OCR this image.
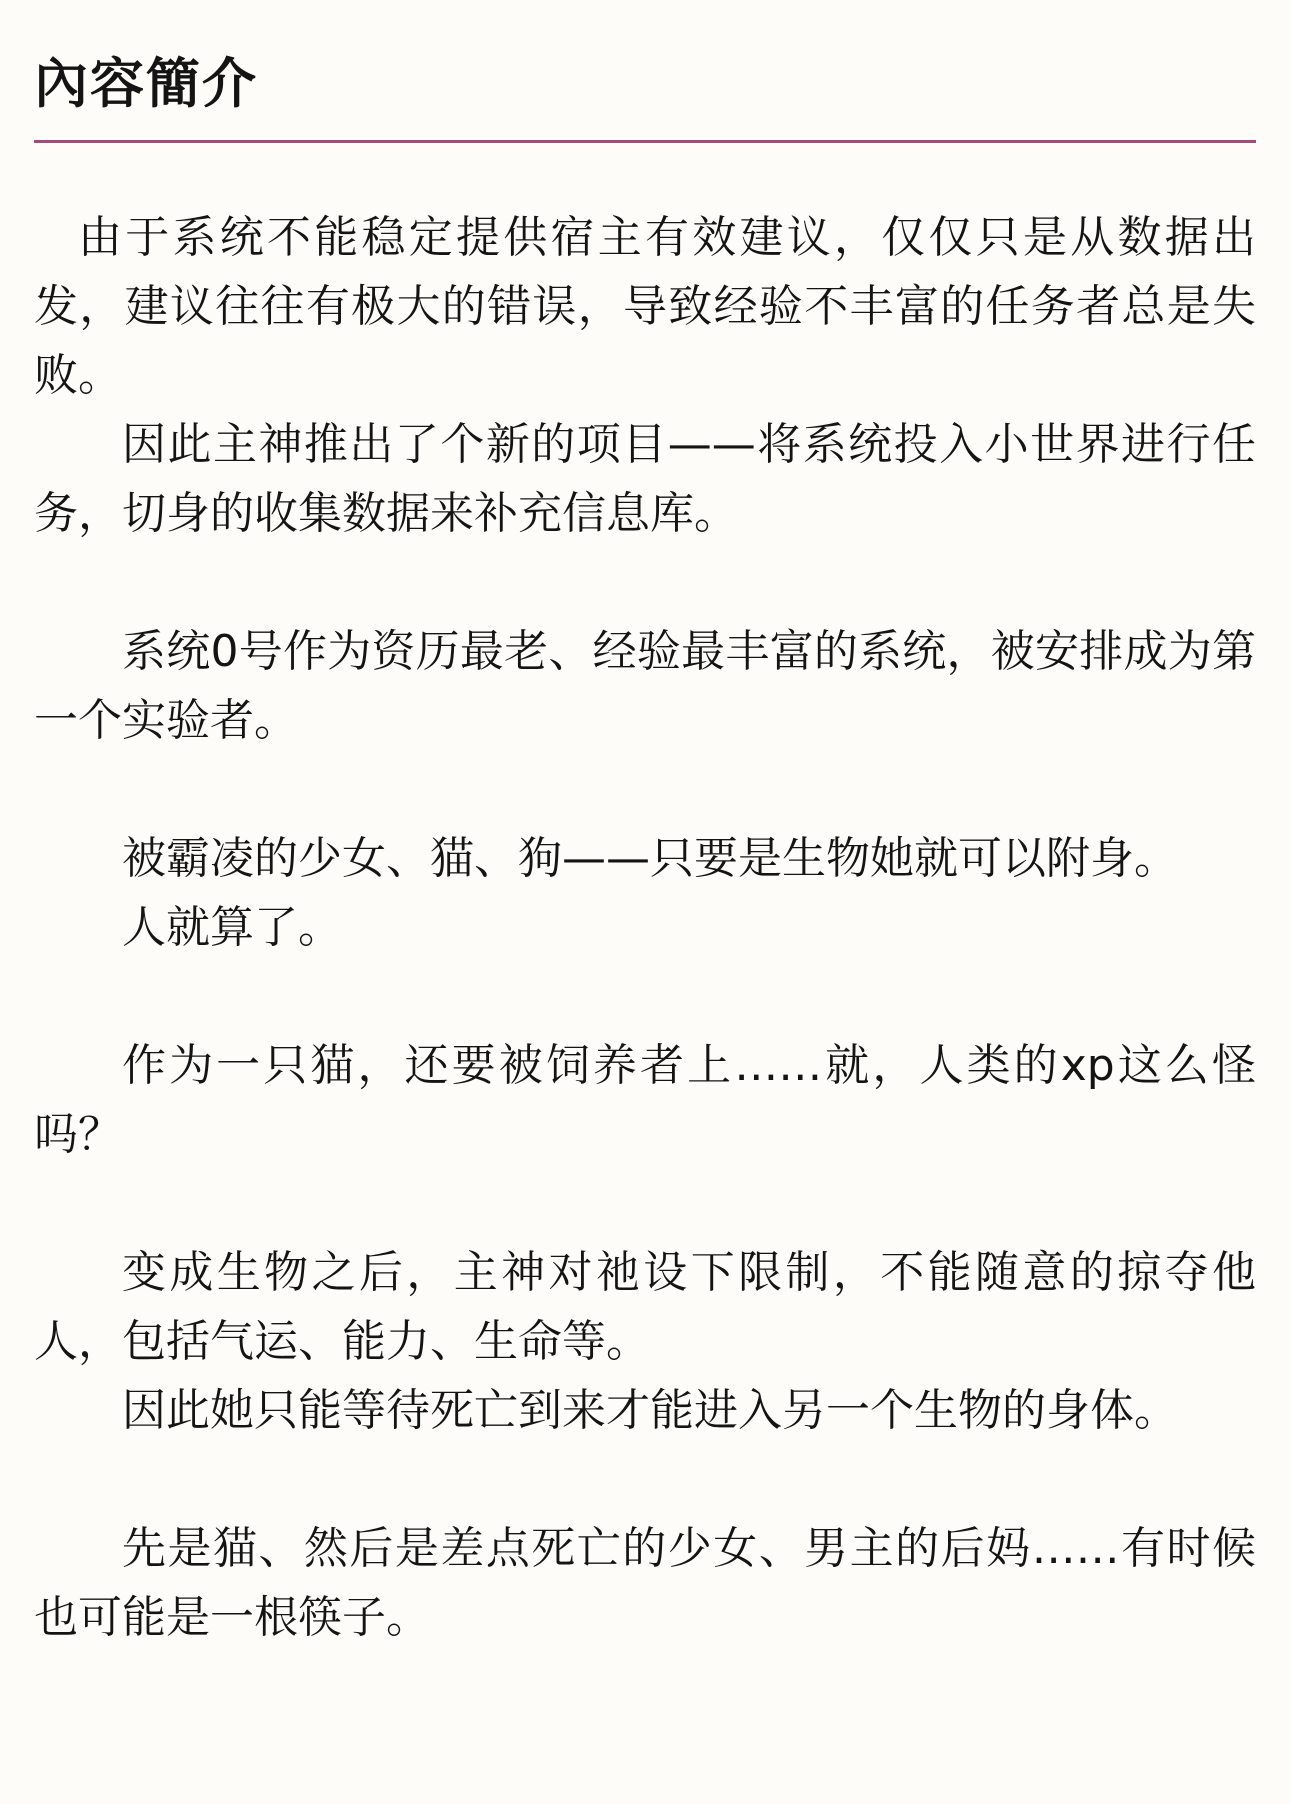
內容簡介

由于系统不能稳定提供宿主有效建议，仅仅只是从数据出发，建议往往有极大的错误，导致经验不丰富的任务者总是失败。

因此主神推出了个新的项目——将系统投入小世界进行任务，切身的收集数据来补充信息库。

系统0号作为资历最老、经验最丰富的系统，被安排成为第一个实验者。

被霸凌的少女、猫、狗——只要是生物她就可以附身。

人就算了。

作为一只猫，还要被饲养者上……就，人类的xp这么怪吗？

变成生物之后，主神对祂设下限制，不能随意的掠夺他人，包括气运、能力、生命等。

因此她只能等待死亡到来才能进入另一个生物的身体。

先是猫、然后是差点死亡的少女、男主的后妈……有时候也可能是一根筷子。
